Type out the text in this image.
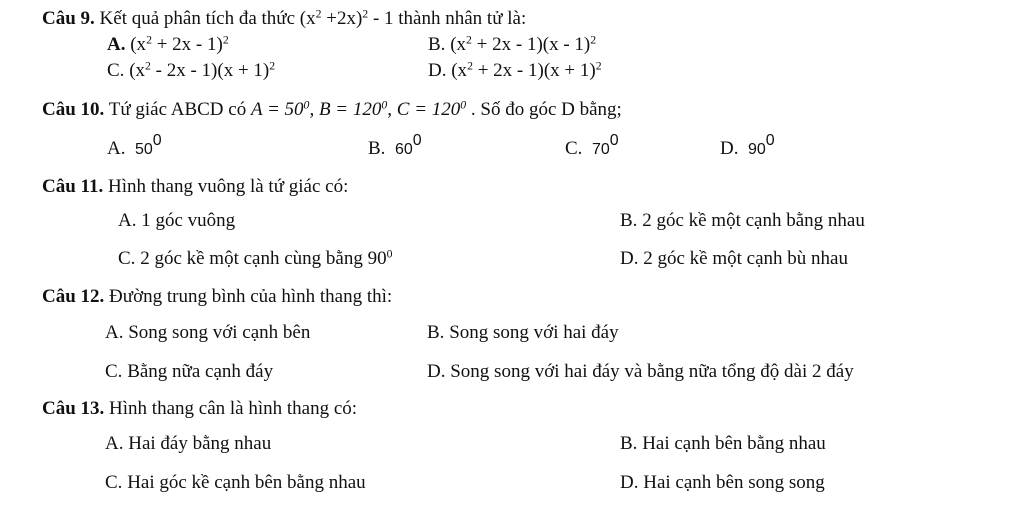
Câu 9. Kết quả phân tích đa thức $(x^2 +2x)^2 - 1$ thành nhân tử là:
A. $(x^2 + 2x - 1)^2$	B. $(x^2 + 2x - 1)(x - 1)^2$
C. $(x^2 - 2x - 1)(x + 1)^2$	D. $(x^2 + 2x - 1)(x + 1)^2$
Câu 10. Tứ giác ABCD có $A = 50^0$, $B = 120^0$, $C = 120^0$ . Số đo góc D bằng;
A. $50^0$	B. $60^0$	C. $70^0$	D. $90^0$
Câu 11. Hình thang vuông là tứ giác có:
A. 1 góc vuông	B. 2 góc kề một cạnh bằng nhau
C. 2 góc kề một cạnh cùng bằng $90^0$	D. 2 góc kề một cạnh bù nhau
Câu 12. Đường trung bình của hình thang thì:
A. Song song với cạnh bên	B. Song song với hai đáy
C. Bằng nữa cạnh đáy	D. Song song với hai đáy và bằng nữa tổng độ dài 2 đáy
Câu 13. Hình thang cân là hình thang có:
A. Hai đáy bằng nhau	B. Hai cạnh bên bằng nhau
C. Hai góc kề cạnh bên bằng nhau	D. Hai cạnh bên song song
